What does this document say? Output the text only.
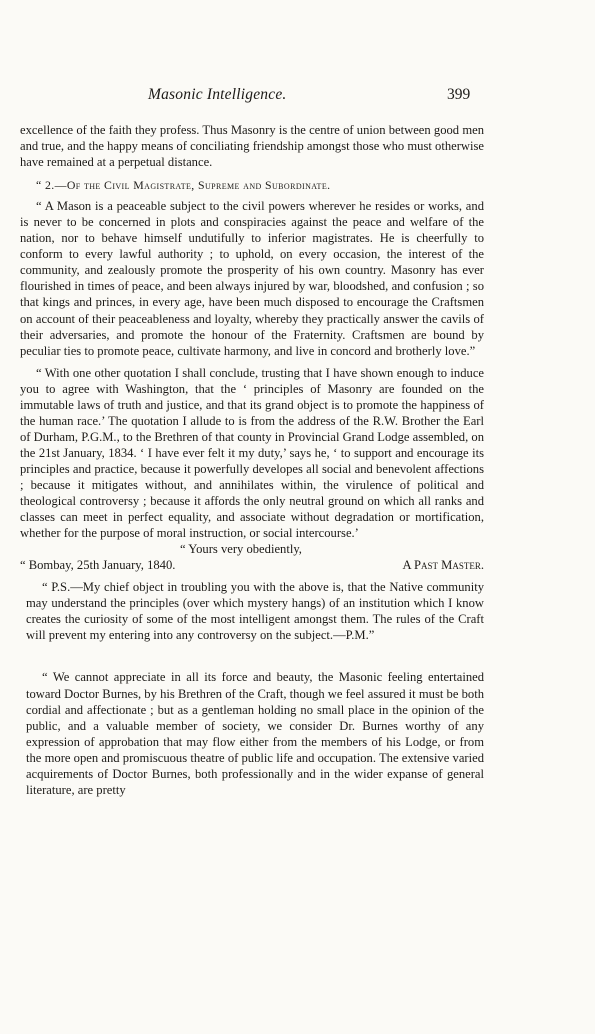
Masonic Intelligence.	399

excellence of the faith they profess. Thus Masonry is the centre of union between good men and true, and the happy means of conciliating friendship amongst those who must otherwise have remained at a perpetual distance.

“ 2.—Of the Civil Magistrate, Supreme and Subordinate.

“ A Mason is a peaceable subject to the civil powers wherever he resides or works, and is never to be concerned in plots and conspiracies against the peace and welfare of the nation, nor to behave himself undutifully to inferior magistrates. He is cheerfully to conform to every lawful authority ; to uphold, on every occasion, the interest of the community, and zealously promote the prosperity of his own country. Masonry has ever flourished in times of peace, and been always injured by war, bloodshed, and confusion ; so that kings and princes, in every age, have been much disposed to encourage the Craftsmen on account of their peaceableness and loyalty, whereby they practically answer the cavils of their adversaries, and promote the honour of the Fraternity. Craftsmen are bound by peculiar ties to promote peace, cultivate harmony, and live in concord and brotherly love.”

“ With one other quotation I shall conclude, trusting that I have shown enough to induce you to agree with Washington, that the ‘ principles of Masonry are founded on the immutable laws of truth and justice, and that its grand object is to promote the happiness of the human race.’ The quotation I allude to is from the address of the R.W. Brother the Earl of Durham, P.G.M., to the Brethren of that county in Provincial Grand Lodge assembled, on the 21st January, 1834. ‘ I have ever felt it my duty,’ says he, ‘ to support and encourage its principles and practice, because it powerfully developes all social and benevolent affections ; because it mitigates without, and annihilates within, the virulence of political and theological controversy ; because it affords the only neutral ground on which all ranks and classes can meet in perfect equality, and associate without degradation or mortification, whether for the purpose of moral instruction, or social intercourse.’

“ Yours very obediently,

“ Bombay, 25th January, 1840.	A Past Master.

“ P.S.—My chief object in troubling you with the above is, that the Native community may understand the principles (over which mystery hangs) of an institution which I know creates the curiosity of some of the most intelligent amongst them. The rules of the Craft will prevent my entering into any controversy on the subject.—P.M.”

“ We cannot appreciate in all its force and beauty, the Masonic feeling entertained toward Doctor Burnes, by his Brethren of the Craft, though we feel assured it must be both cordial and affectionate ; but as a gentleman holding no small place in the opinion of the public, and a valuable member of society, we consider Dr. Burnes worthy of any expression of approbation that may flow either from the members of his Lodge, or from the more open and promiscuous theatre of public life and occupation. The extensive varied acquirements of Doctor Burnes, both professionally and in the wider expanse of general literature, are pretty
